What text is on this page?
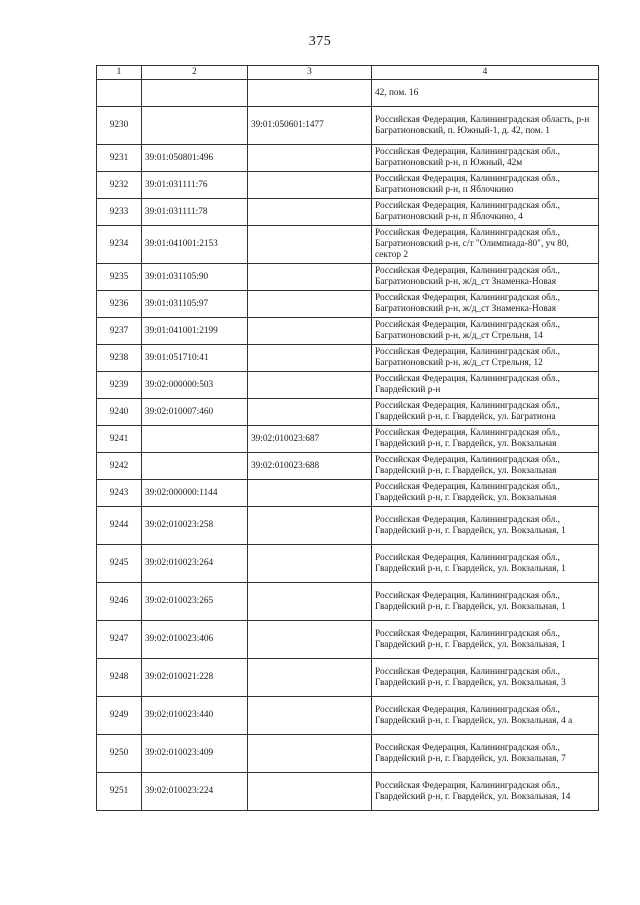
375
1	2	3	4
			42, пом. 16
9230		39:01:050601:1477	Российская Федерация, Калининградская область, р-н Багратионовский, п. Южный-1, д. 42, пом. 1
9231	39:01:050801:496		Российская Федерация, Калининградская обл., Багратионовский р-н, п Южный, 42м
9232	39:01:031111:76		Российская Федерация, Калининградская обл., Багратионовский р-н, п Яблочкино
9233	39:01:031111:78		Российская Федерация, Калининградская обл., Багратионовский р-н, п Яблочкино, 4
9234	39:01:041001:2153		Российская Федерация, Калининградская обл., Багратионовский р-н, с/т "Олимпиада-80", уч 80, сектор 2
9235	39:01:031105:90		Российская Федерация, Калининградская обл., Багратионовский р-н, ж/д_ст Знаменка-Новая
9236	39:01:031105:97		Российская Федерация, Калининградская обл., Багратионовский р-н, ж/д_ст Знаменка-Новая
9237	39:01:041001:2199		Российская Федерация, Калининградская обл., Багратионовский р-н, ж/д_ст Стрельня, 14
9238	39:01:051710:41		Российская Федерация, Калининградская обл., Багратионовский р-н, ж/д_ст Стрельня, 12
9239	39:02:000000:503		Российская Федерация, Калининградская обл., Гвардейский р-н
9240	39:02:010007:460		Российская Федерация, Калининградская обл., Гвардейский р-н, г. Гвардейск, ул. Багратиона
9241		39:02:010023:687	Российская Федерация, Калининградская обл., Гвардейский р-н, г. Гвардейск, ул. Вокзальная
9242		39:02:010023:688	Российская Федерация, Калининградская обл., Гвардейский р-н, г. Гвардейск, ул. Вокзальная
9243	39:02:000000:1144		Российская Федерация, Калининградская обл., Гвардейский р-н, г. Гвардейск, ул. Вокзальная
9244	39:02:010023:258		Российская Федерация, Калининградская обл., Гвардейский р-н, г. Гвардейск, ул. Вокзальная, 1
9245	39:02:010023:264		Российская Федерация, Калининградская обл., Гвардейский р-н, г. Гвардейск, ул. Вокзальная, 1
9246	39:02:010023:265		Российская Федерация, Калининградская обл., Гвардейский р-н, г. Гвардейск, ул. Вокзальная, 1
9247	39:02:010023:406		Российская Федерация, Калининградская обл., Гвардейский р-н, г. Гвардейск, ул. Вокзальная, 1
9248	39:02:010021:228		Российская Федерация, Калининградская обл., Гвардейский р-н, г. Гвардейск, ул. Вокзальная, 3
9249	39:02:010023:440		Российская Федерация, Калининградская обл., Гвардейский р-н, г. Гвардейск, ул. Вокзальная, 4 а
9250	39:02:010023:409		Российская Федерация, Калининградская обл., Гвардейский р-н, г. Гвардейск, ул. Вокзальная, 7
9251	39:02:010023:224		Российская Федерация, Калининградская обл., Гвардейский р-н, г. Гвардейск, ул. Вокзальная, 14
